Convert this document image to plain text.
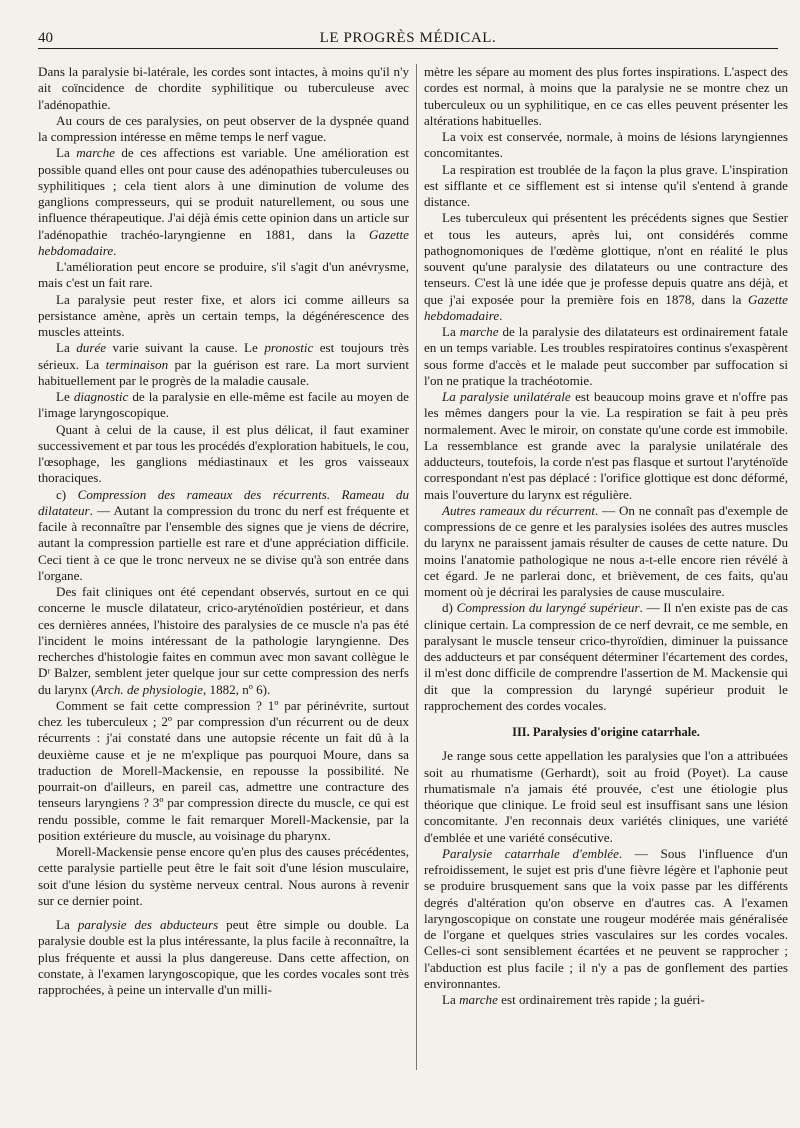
40	LE PROGRÈS MÉDICAL.

Dans la paralysie bi-latérale, les cordes sont intactes, à moins qu'il n'y ait coïncidence de chordite syphilitique ou tuberculeuse avec l'adénopathie.

Au cours de ces paralysies, on peut observer de la dyspnée quand la compression intéresse en même temps le nerf vague.

La marche de ces affections est variable. Une amélioration est possible quand elles ont pour cause des adénopathies tuberculeuses ou syphilitiques ; cela tient alors à une diminution de volume des ganglions compresseurs, qui se produit naturellement, ou sous une influence thérapeutique. J'ai déjà émis cette opinion dans un article sur l'adénopathie trachéo-laryngienne en 1881, dans la Gazette hebdomadaire.

L'amélioration peut encore se produire, s'il s'agit d'un anévrysme, mais c'est un fait rare.

La paralysie peut rester fixe, et alors ici comme ailleurs sa persistance amène, après un certain temps, la dégénérescence des muscles atteints.

La durée varie suivant la cause. Le pronostic est toujours très sérieux. La terminaison par la guérison est rare. La mort survient habituellement par le progrès de la maladie causale.

Le diagnostic de la paralysie en elle-même est facile au moyen de l'image laryngoscopique.

Quant à celui de la cause, il est plus délicat, il faut examiner successivement et par tous les procédés d'exploration habituels, le cou, l'œsophage, les ganglions médiastinaux et les gros vaisseaux thoraciques.

c) Compression des rameaux des récurrents. Rameau du dilatateur. — Autant la compression du tronc du nerf est fréquente et facile à reconnaître par l'ensemble des signes que je viens de décrire, autant la compression partielle est rare et d'une appréciation difficile. Ceci tient à ce que le tronc nerveux ne se divise qu'à son entrée dans l'organe.

Des fait cliniques ont été cependant observés, surtout en ce qui concerne le muscle dilatateur, crico-aryténoïdien postérieur, et dans ces dernières années, l'histoire des paralysies de ce muscle n'a pas été l'incident le moins intéressant de la pathologie laryngienne. Des recherches d'histologie faites en commun avec mon savant collègue le Dʳ Balzer, semblent jeter quelque jour sur cette compression des nerfs du larynx (Arch. de physiologie, 1882, nº 6).

Comment se fait cette compression ? 1º par périnévrite, surtout chez les tuberculeux ; 2º par compression d'un récurrent ou de deux récurrents : j'ai constaté dans une autopsie récente un fait dû à la deuxième cause et je ne m'explique pas pourquoi Moure, dans sa traduction de Morell-Mackensie, en repousse la possibilité. Ne pourrait-on d'ailleurs, en pareil cas, admettre une contracture des tenseurs laryngiens ? 3º par compression directe du muscle, ce qui est rendu possible, comme le fait remarquer Morell-Mackensie, par la position extérieure du muscle, au voisinage du pharynx.

Morell-Mackensie pense encore qu'en plus des causes précédentes, cette paralysie partielle peut être le fait soit d'une lésion musculaire, soit d'une lésion du système nerveux central. Nous aurons à revenir sur ce dernier point.

La paralysie des abducteurs peut être simple ou double. La paralysie double est la plus intéressante, la plus facile à reconnaître, la plus fréquente et aussi la plus dangereuse. Dans cette affection, on constate, à l'examen laryngoscopique, que les cordes vocales sont très rapprochées, à peine un intervalle d'un milli-

mètre les sépare au moment des plus fortes inspirations. L'aspect des cordes est normal, à moins que la paralysie ne se montre chez un tuberculeux ou un syphilitique, en ce cas elles peuvent présenter les altérations habituelles.

La voix est conservée, normale, à moins de lésions laryngiennes concomitantes.

La respiration est troublée de la façon la plus grave. L'inspiration est sifflante et ce sifflement est si intense qu'il s'entend à grande distance.

Les tuberculeux qui présentent les précédents signes que Sestier et tous les auteurs, après lui, ont considérés comme pathognomoniques de l'œdème glottique, n'ont en réalité le plus souvent qu'une paralysie des dilatateurs ou une contracture des tenseurs. C'est là une idée que je professe depuis quatre ans déjà, et que j'ai exposée pour la première fois en 1878, dans la Gazette hebdomadaire.

La marche de la paralysie des dilatateurs est ordinairement fatale en un temps variable. Les troubles respiratoires continus s'exaspèrent sous forme d'accès et le malade peut succomber par suffocation si l'on ne pratique la trachéotomie.

La paralysie unilatérale est beaucoup moins grave et n'offre pas les mêmes dangers pour la vie. La respiration se fait à peu près normalement. Avec le miroir, on constate qu'une corde est immobile. La ressemblance est grande avec la paralysie unilatérale des adducteurs, toutefois, la corde n'est pas flasque et surtout l'aryténoïde correspondant n'est pas déplacé : l'orifice glottique est donc déformé, mais l'ouverture du larynx est régulière.

Autres rameaux du récurrent. — On ne connaît pas d'exemple de compressions de ce genre et les paralysies isolées des autres muscles du larynx ne paraissent jamais résulter de causes de cette nature. Du moins l'anatomie pathologique ne nous a-t-elle encore rien révélé à cet égard. Je ne parlerai donc, et brièvement, de ces faits, qu'au moment où je décrirai les paralysies de cause musculaire.

d) Compression du laryngé supérieur. — Il n'en existe pas de cas clinique certain. La compression de ce nerf devrait, ce me semble, en paralysant le muscle tenseur crico-thyroïdien, diminuer la puissance des adducteurs et par conséquent déterminer l'écartement des cordes, il m'est donc difficile de comprendre l'assertion de M. Mackensie qui dit que la compression du laryngé supérieur produit le rapprochement des cordes vocales.

III. Paralysies d'origine catarrhale.

Je range sous cette appellation les paralysies que l'on a attribuées soit au rhumatisme (Gerhardt), soit au froid (Poyet). La cause rhumatismale n'a jamais été prouvée, c'est une étiologie plus théorique que clinique. Le froid seul est insuffisant sans une lésion concomitante. J'en reconnais deux variétés cliniques, une variété d'emblée et une variété consécutive.

Paralysie catarrhale d'emblée. — Sous l'influence d'un refroidissement, le sujet est pris d'une fièvre légère et l'aphonie peut se produire brusquement sans que la voix passe par les différents degrés d'altération qu'on observe en d'autres cas. A l'examen laryngoscopique on constate une rougeur modérée mais généralisée de l'organe et quelques stries vasculaires sur les cordes vocales. Celles-ci sont sensiblement écartées et ne peuvent se rapprocher ; l'abduction est plus facile ; il n'y a pas de gonflement des parties environnantes.

La marche est ordinairement très rapide ; la guéri-
